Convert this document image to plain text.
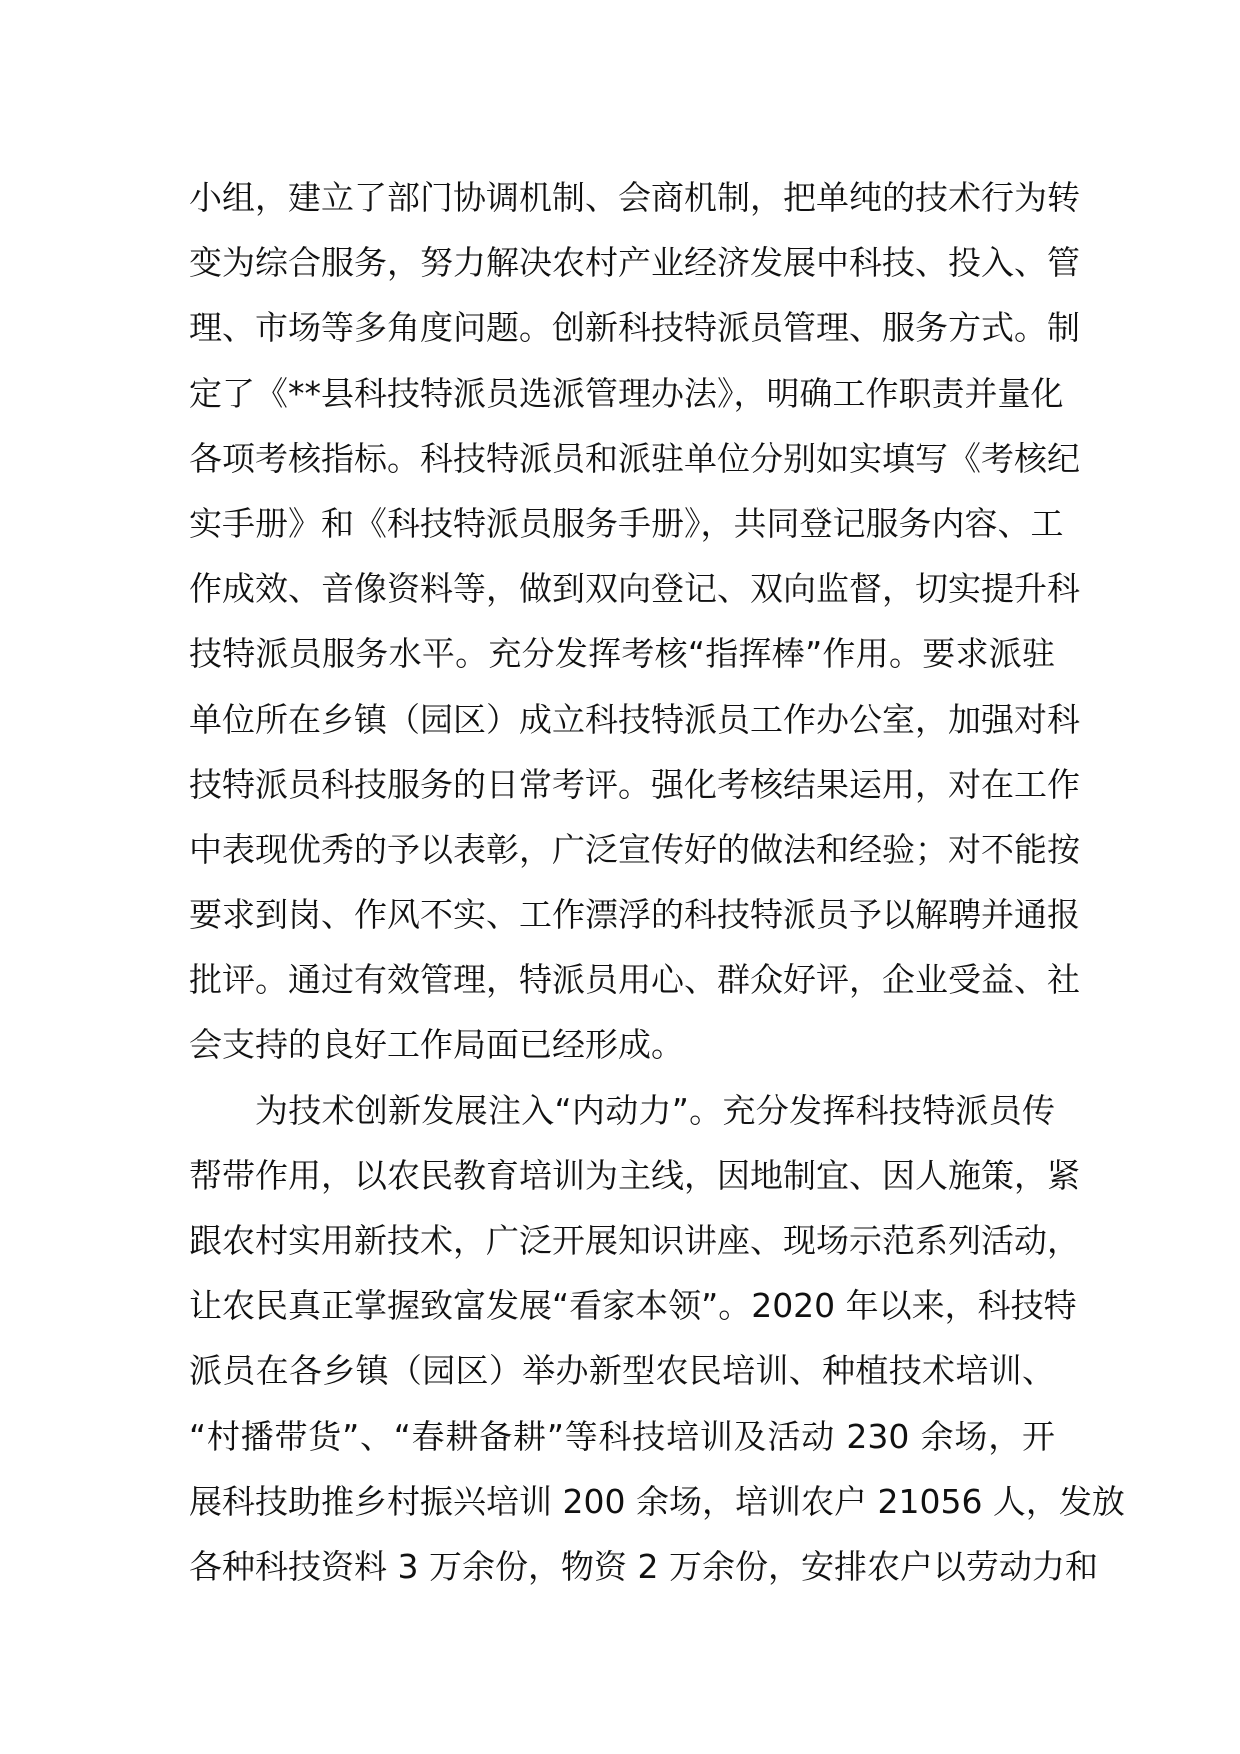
小组，建立了部门协调机制、会商机制，把单纯的技术行为转
变为综合服务，努力解决农村产业经济发展中科技、投入、管
理、市场等多角度问题。创新科技特派员管理、服务方式。制
定了《**县科技特派员选派管理办法》，明确工作职责并量化
各项考核指标。科技特派员和派驻单位分别如实填写《考核纪
实手册》和《科技特派员服务手册》，共同登记服务内容、工
作成效、音像资料等，做到双向登记、双向监督，切实提升科
技特派员服务水平。充分发挥考核“指挥棒”作用。要求派驻
单位所在乡镇（园区）成立科技特派员工作办公室，加强对科
技特派员科技服务的日常考评。强化考核结果运用，对在工作
中表现优秀的予以表彰，广泛宣传好的做法和经验；对不能按
要求到岗、作风不实、工作漂浮的科技特派员予以解聘并通报
批评。通过有效管理，特派员用心、群众好评，企业受益、社
会支持的良好工作局面已经形成。
为技术创新发展注入“内动力”。充分发挥科技特派员传
帮带作用，以农民教育培训为主线，因地制宜、因人施策，紧
跟农村实用新技术，广泛开展知识讲座、现场示范系列活动，
让农民真正掌握致富发展“看家本领”。2020 年以来，科技特
派员在各乡镇（园区）举办新型农民培训、种植技术培训、
“村播带货”、“春耕备耕”等科技培训及活动 230 余场，开
展科技助推乡村振兴培训 200 余场，培训农户 21056 人，发放
各种科技资料 3 万余份，物资 2 万余份，安排农户以劳动力和
